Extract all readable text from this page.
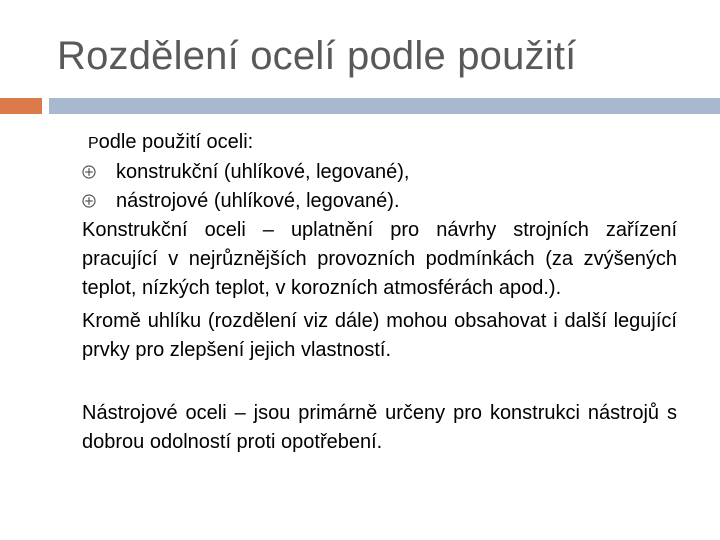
Rozdělení ocelí podle použití
Podle použití oceli:
konstrukční (uhlíkové, legované),
nástrojové (uhlíkové, legované).
Konstrukční oceli – uplatnění pro návrhy strojních zařízení pracující v nejrůznějších provozních podmínkách (za zvýšených teplot, nízkých teplot, v korozních atmosférách apod.).
Kromě uhlíku (rozdělení viz dále) mohou obsahovat i další legující prvky pro zlepšení jejich vlastností.
Nástrojové oceli – jsou primárně určeny pro konstrukci nástrojů s dobrou odolností proti opotřebení.
